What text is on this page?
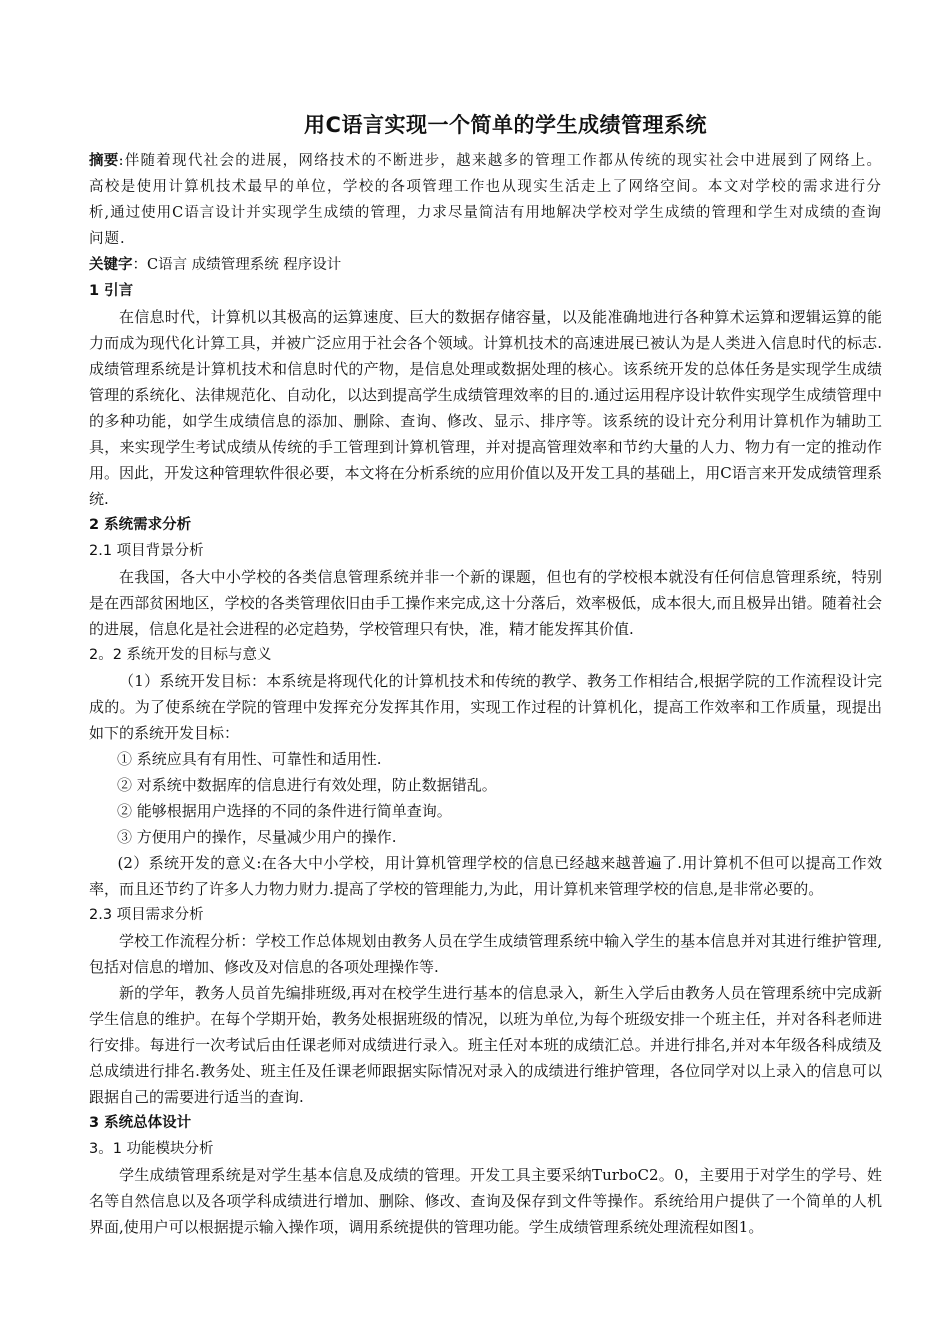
用C语言实现一个简单的学生成绩管理系统

摘要:伴随着现代社会的进展，网络技术的不断进步，越来越多的管理工作都从传统的现实社会中进展到了网络上。高校是使用计算机技术最早的单位，学校的各项管理工作也从现实生活走上了网络空间。本文对学校的需求进行分析,通过使用C语言设计并实现学生成绩的管理，力求尽量简洁有用地解决学校对学生成绩的管理和学生对成绩的查询问题.

关键字：C语言 成绩管理系统 程序设计

1 引言

在信息时代，计算机以其极高的运算速度、巨大的数据存储容量，以及能准确地进行各种算术运算和逻辑运算的能力而成为现代化计算工具，并被广泛应用于社会各个领域。计算机技术的高速进展已被认为是人类进入信息时代的标志.成绩管理系统是计算机技术和信息时代的产物，是信息处理或数据处理的核心。该系统开发的总体任务是实现学生成绩管理的系统化、法律规范化、自动化，以达到提高学生成绩管理效率的目的.通过运用程序设计软件实现学生成绩管理中的多种功能，如学生成绩信息的添加、删除、查询、修改、显示、排序等。该系统的设计充分利用计算机作为辅助工具，来实现学生考试成绩从传统的手工管理到计算机管理，并对提高管理效率和节约大量的人力、物力有一定的推动作用。因此，开发这种管理软件很必要，本文将在分析系统的应用价值以及开发工具的基础上，用C语言来开发成绩管理系统.

2 系统需求分析

2.1 项目背景分析

在我国，各大中小学校的各类信息管理系统并非一个新的课题，但也有的学校根本就没有任何信息管理系统，特别是在西部贫困地区，学校的各类管理依旧由手工操作来完成,这十分落后，效率极低，成本很大,而且极异出错。随着社会的进展，信息化是社会进程的必定趋势，学校管理只有快，准，精才能发挥其价值.

2。2 系统开发的目标与意义

（1）系统开发目标：本系统是将现代化的计算机技术和传统的教学、教务工作相结合,根据学院的工作流程设计完成的。为了使系统在学院的管理中发挥充分发挥其作用，实现工作过程的计算机化，提高工作效率和工作质量，现提出如下的系统开发目标：

① 系统应具有有用性、可靠性和适用性.

② 对系统中数据库的信息进行有效处理，防止数据错乱。

② 能够根据用户选择的不同的条件进行简单查询。

③ 方便用户的操作，尽量减少用户的操作.

(2）系统开发的意义:在各大中小学校，用计算机管理学校的信息已经越来越普遍了.用计算机不但可以提高工作效率，而且还节约了许多人力物力财力.提高了学校的管理能力,为此，用计算机来管理学校的信息,是非常必要的。

2.3 项目需求分析

学校工作流程分析：学校工作总体规划由教务人员在学生成绩管理系统中输入学生的基本信息并对其进行维护管理,包括对信息的增加、修改及对信息的各项处理操作等.

新的学年，教务人员首先编排班级,再对在校学生进行基本的信息录入，新生入学后由教务人员在管理系统中完成新学生信息的维护。在每个学期开始，教务处根据班级的情况，以班为单位,为每个班级安排一个班主任，并对各科老师进行安排。每进行一次考试后由任课老师对成绩进行录入。班主任对本班的成绩汇总。并进行排名,并对本年级各科成绩及总成绩进行排名.教务处、班主任及任课老师跟据实际情况对录入的成绩进行维护管理，各位同学对以上录入的信息可以跟据自己的需要进行适当的查询.

3 系统总体设计

3。1 功能模块分析

学生成绩管理系统是对学生基本信息及成绩的管理。开发工具主要采纳TurboC2。0，主要用于对学生的学号、姓名等自然信息以及各项学科成绩进行增加、删除、修改、查询及保存到文件等操作。系统给用户提供了一个简单的人机界面,使用户可以根据提示输入操作项，调用系统提供的管理功能。学生成绩管理系统处理流程如图1。
